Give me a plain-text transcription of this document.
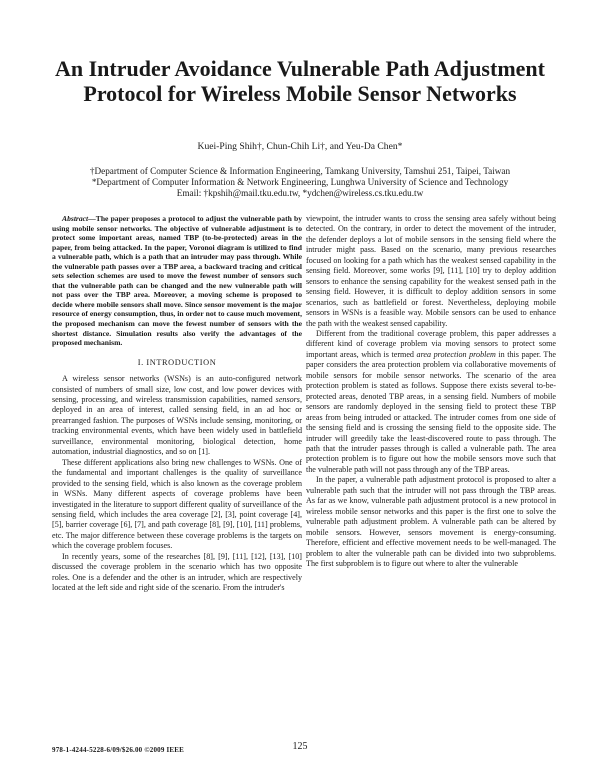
An Intruder Avoidance Vulnerable Path Adjustment Protocol for Wireless Mobile Sensor Networks
Kuei-Ping Shih†, Chun-Chih Li†, and Yeu-Da Chen*
†Department of Computer Science & Information Engineering, Tamkang University, Tamshui 251, Taipei, Taiwan
*Department of Computer Information & Network Engineering, Lunghwa University of Science and Technology
Email: †kpshih@mail.tku.edu.tw, *ydchen@wireless.cs.tku.edu.tw

Abstract—The paper proposes a protocol to adjust the vulnerable path by using mobile sensor networks. The objective of vulnerable adjustment is to protect some important areas, named TBP (to-be-protected) areas in the paper, from being attacked. In the paper, Voronoi diagram is utilized to find a vulnerable path, which is a path that an intruder may pass through. While the vulnerable path passes over a TBP area, a backward tracing and critical sets selection schemes are used to move the fewest number of sensors such that the vulnerable path can be changed and the new vulnerable path will not pass over the TBP area. Moreover, a moving scheme is proposed to decide where mobile sensors shall move. Since sensor movement is the major resource of energy consumption, thus, in order not to cause much movement, the proposed mechanism can move the fewest number of sensors with the shortest distance. Simulation results also verify the advantages of the proposed mechanism.

I. INTRODUCTION

A wireless sensor networks (WSNs) is an auto-configured network consisted of numbers of small size, low cost, and low power devices with sensing, processing, and wireless transmission capabilities, named sensors, deployed in an area of interest, called sensing field, in an ad hoc or prearranged fashion. The purposes of WSNs include sensing, monitoring, or tracking environmental events, which have been widely used in battlefield surveillance, environmental monitoring, biological detection, home automation, industrial diagnostics, and so on [1].

These different applications also bring new challenges to WSNs. One of the fundamental and important challenges is the quality of surveillance provided to the sensing field, which is also known as the coverage problem in WSNs. Many different aspects of coverage problems have been investigated in the literature to support different quality of surveillance of the sensing field, which includes the area coverage [2], [3], point coverage [4], [5], barrier coverage [6], [7], and path coverage [8], [9], [10], [11] problems, etc. The major difference between these coverage problems is the targets on which the coverage problem focuses.

In recently years, some of the researches [8], [9], [11], [12], [13], [10] discussed the coverage problem in the scenario which has two opposite roles. One is a defender and the other is an intruder, which are respectively located at the left side and right side of the scenario. From the intruder's

viewpoint, the intruder wants to cross the sensing area safely without being detected. On the contrary, in order to detect the movement of the intruder, the defender deploys a lot of mobile sensors in the sensing field where the intruder might pass. Based on the scenario, many previous researches focused on looking for a path which has the weakest sensed capability in the sensing field. Moreover, some works [9], [11], [10] try to deploy addition sensors to enhance the sensing capability for the weakest sensed path in the sensing field. However, it is difficult to deploy addition sensors in some scenarios, such as battlefield or forest. Nevertheless, deploying mobile sensors in WSNs is a feasible way. Mobile sensors can be used to enhance the path with the weakest sensed capability.

Different from the traditional coverage problem, this paper addresses a different kind of coverage problem via moving sensors to protect some important areas, which is termed area protection problem in this paper. The paper considers the area protection problem via collaborative movements of mobile sensors for mobile sensor networks. The scenario of the area protection problem is stated as follows. Suppose there exists several to-be-protected areas, denoted TBP areas, in a sensing field. Numbers of mobile sensors are randomly deployed in the sensing field to protect these TBP areas from being intruded or attacked. The intruder comes from one side of the sensing field and is crossing the sensing field to the opposite side. The intruder will greedily take the least-discovered route to pass through. The path that the intruder passes through is called a vulnerable path. The area protection problem is to figure out how the mobile sensors move such that the vulnerable path will not pass through any of the TBP areas.

In the paper, a vulnerable path adjustment protocol is proposed to alter a vulnerable path such that the intruder will not pass through the TBP areas. As far as we know, vulnerable path adjustment protocol is a new protocol in wireless mobile sensor networks and this paper is the first one to solve the vulnerable path adjustment problem. A vulnerable path can be altered by mobile sensors. However, sensors movement is energy-consuming. Therefore, efficient and effective movement needs to be well-managed. The problem to alter the vulnerable path can be divided into two subproblems. The first subproblem is to figure out where to alter the vulnerable

978-1-4244-5228-6/09/$26.00 ©2009 IEEE	125
